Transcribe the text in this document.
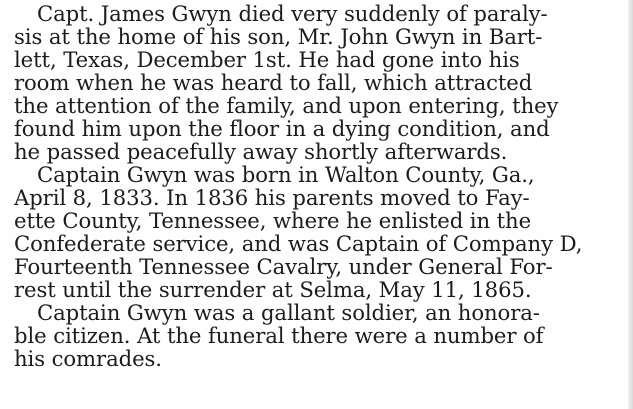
Capt. James Gwyn died very suddenly of paraly-
sis at the home of his son, Mr. John Gwyn in Bart-
lett, Texas, December 1st. He had gone into his
room when he was heard to fall, which attracted
the attention of the family, and upon entering, they
found him upon the floor in a dying condition, and
he passed peacefully away shortly afterwards.
Captain Gwyn was born in Walton County, Ga.,
April 8, 1833. In 1836 his parents moved to Fay-
ette County, Tennessee, where he enlisted in the
Confederate service, and was Captain of Company D,
Fourteenth Tennessee Cavalry, under General For-
rest until the surrender at Selma, May 11, 1865.
Captain Gwyn was a gallant soldier, an honora-
ble citizen. At the funeral there were a number of
his comrades.
